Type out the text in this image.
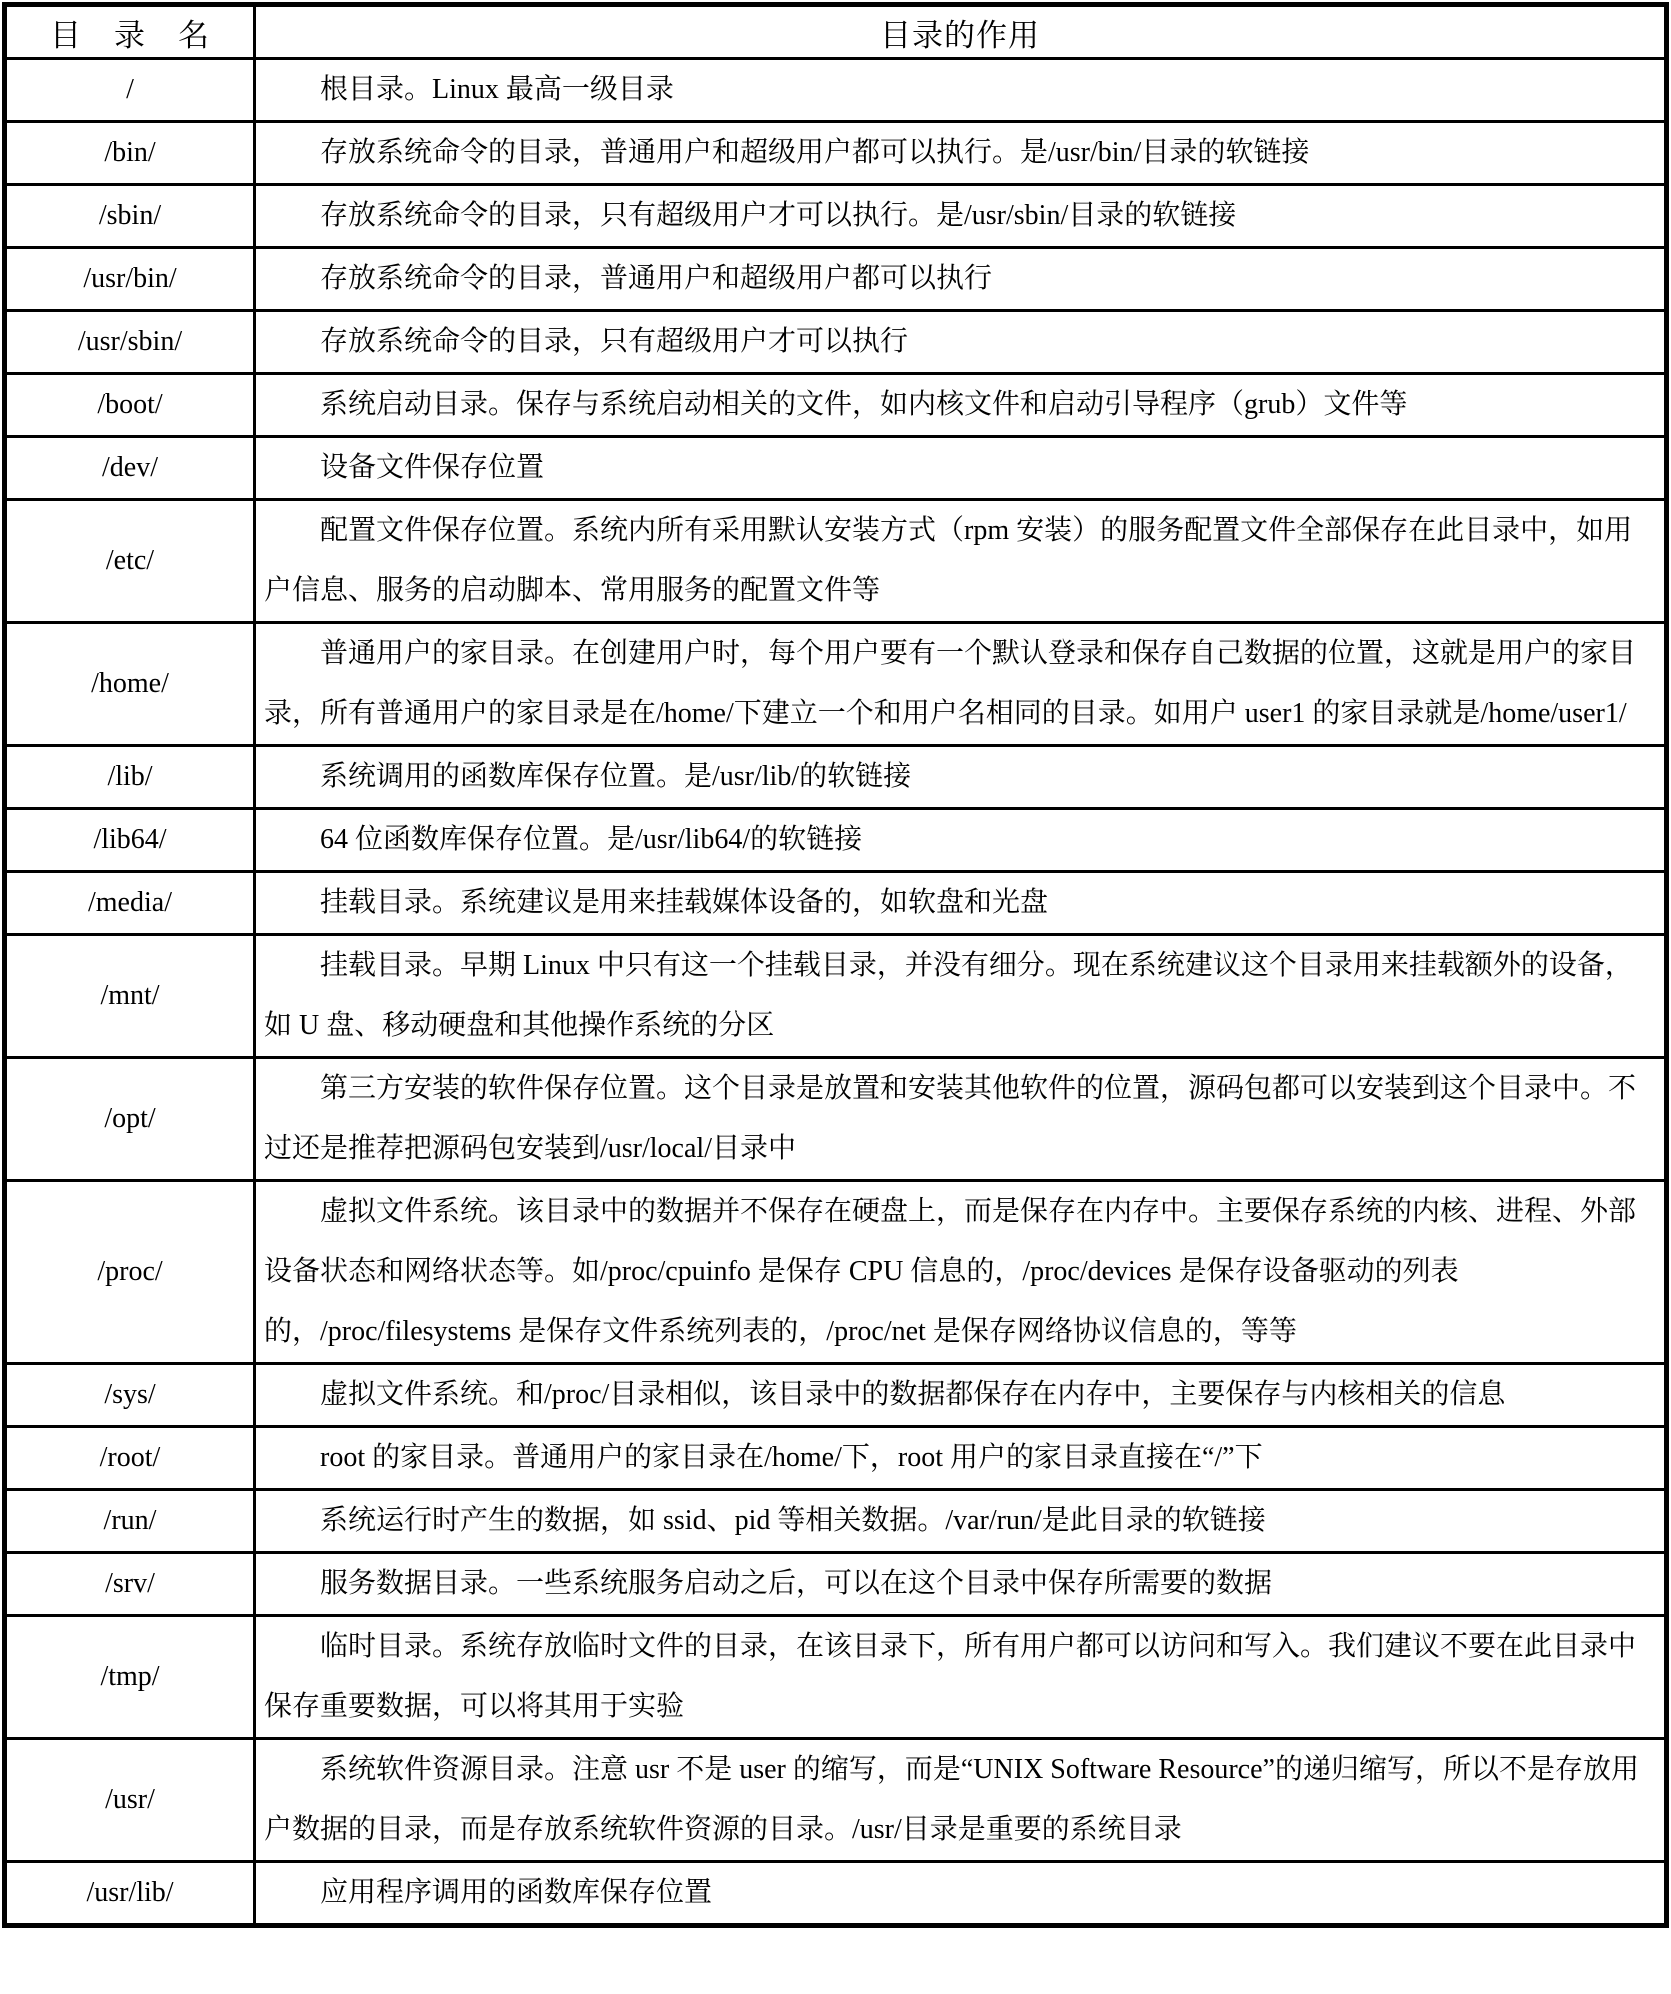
目　录　名	目录的作用
/	根目录。Linux 最高一级目录
/bin/	存放系统命令的目录，普通用户和超级用户都可以执行。是/usr/bin/目录的软链接
/sbin/	存放系统命令的目录，只有超级用户才可以执行。是/usr/sbin/目录的软链接
/usr/bin/	存放系统命令的目录，普通用户和超级用户都可以执行
/usr/sbin/	存放系统命令的目录，只有超级用户才可以执行
/boot/	系统启动目录。保存与系统启动相关的文件，如内核文件和启动引导程序（grub）文件等
/dev/	设备文件保存位置
/etc/	配置文件保存位置。系统内所有采用默认安装方式（rpm 安装）的服务配置文件全部保存在此目录中，如用户信息、服务的启动脚本、常用服务的配置文件等
/home/	普通用户的家目录。在创建用户时，每个用户要有一个默认登录和保存自己数据的位置，这就是用户的家目录，所有普通用户的家目录是在/home/下建立一个和用户名相同的目录。如用户 user1 的家目录就是/home/user1/
/lib/	系统调用的函数库保存位置。是/usr/lib/的软链接
/lib64/	64 位函数库保存位置。是/usr/lib64/的软链接
/media/	挂载目录。系统建议是用来挂载媒体设备的，如软盘和光盘
/mnt/	挂载目录。早期 Linux 中只有这一个挂载目录，并没有细分。现在系统建议这个目录用来挂载额外的设备，如 U 盘、移动硬盘和其他操作系统的分区
/opt/	第三方安装的软件保存位置。这个目录是放置和安装其他软件的位置，源码包都可以安装到这个目录中。不过还是推荐把源码包安装到/usr/local/目录中
/proc/	虚拟文件系统。该目录中的数据并不保存在硬盘上，而是保存在内存中。主要保存系统的内核、进程、外部设备状态和网络状态等。如/proc/cpuinfo 是保存 CPU 信息的，/proc/devices 是保存设备驱动的列表的，/proc/filesystems 是保存文件系统列表的，/proc/net 是保存网络协议信息的，等等
/sys/	虚拟文件系统。和/proc/目录相似，该目录中的数据都保存在内存中，主要保存与内核相关的信息
/root/	root 的家目录。普通用户的家目录在/home/下，root 用户的家目录直接在“/”下
/run/	系统运行时产生的数据，如 ssid、pid 等相关数据。/var/run/是此目录的软链接
/srv/	服务数据目录。一些系统服务启动之后，可以在这个目录中保存所需要的数据
/tmp/	临时目录。系统存放临时文件的目录，在该目录下，所有用户都可以访问和写入。我们建议不要在此目录中保存重要数据，可以将其用于实验
/usr/	系统软件资源目录。注意 usr 不是 user 的缩写，而是“UNIX Software Resource”的递归缩写，所以不是存放用户数据的目录，而是存放系统软件资源的目录。/usr/目录是重要的系统目录
/usr/lib/	应用程序调用的函数库保存位置
